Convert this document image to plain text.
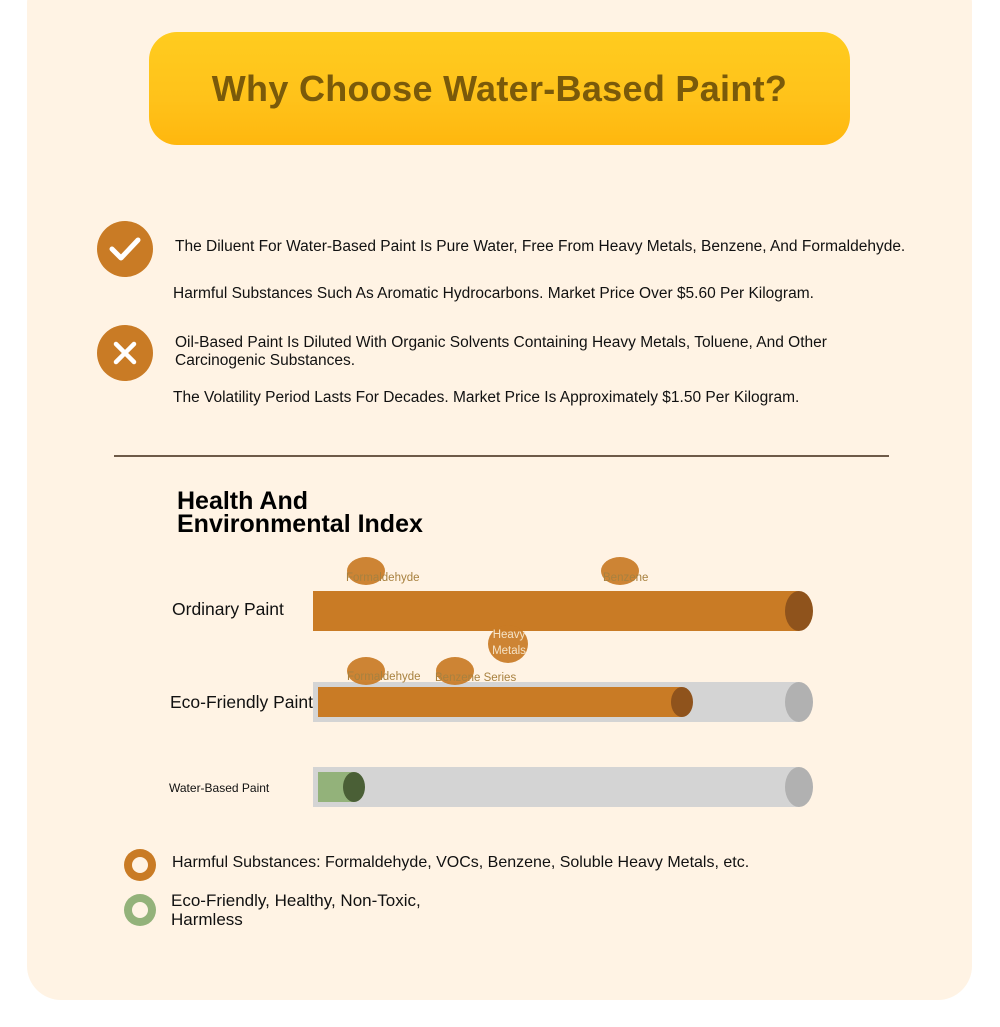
Why Choose Water-Based Paint?
The Diluent For Water-Based Paint Is Pure Water, Free From Heavy Metals, Benzene, And Formaldehyde.
Harmful Substances Such As Aromatic Hydrocarbons. Market Price Over $5.60 Per Kilogram.
Oil-Based Paint Is Diluted With Organic Solvents Containing Heavy Metals, Toluene, And Other Carcinogenic Substances.
The Volatility Period Lasts For Decades. Market Price Is Approximately $1.50 Per Kilogram.
Health And Environmental Index
Ordinary Paint
Formaldehyde	Benzene
Heavy Metals
Eco-Friendly Paint
Formaldehyde Benzene Series
Water-Based Paint
Harmful Substances: Formaldehyde, VOCs, Benzene, Soluble Heavy Metals, etc.
Eco-Friendly, Healthy, Non-Toxic, Harmless
